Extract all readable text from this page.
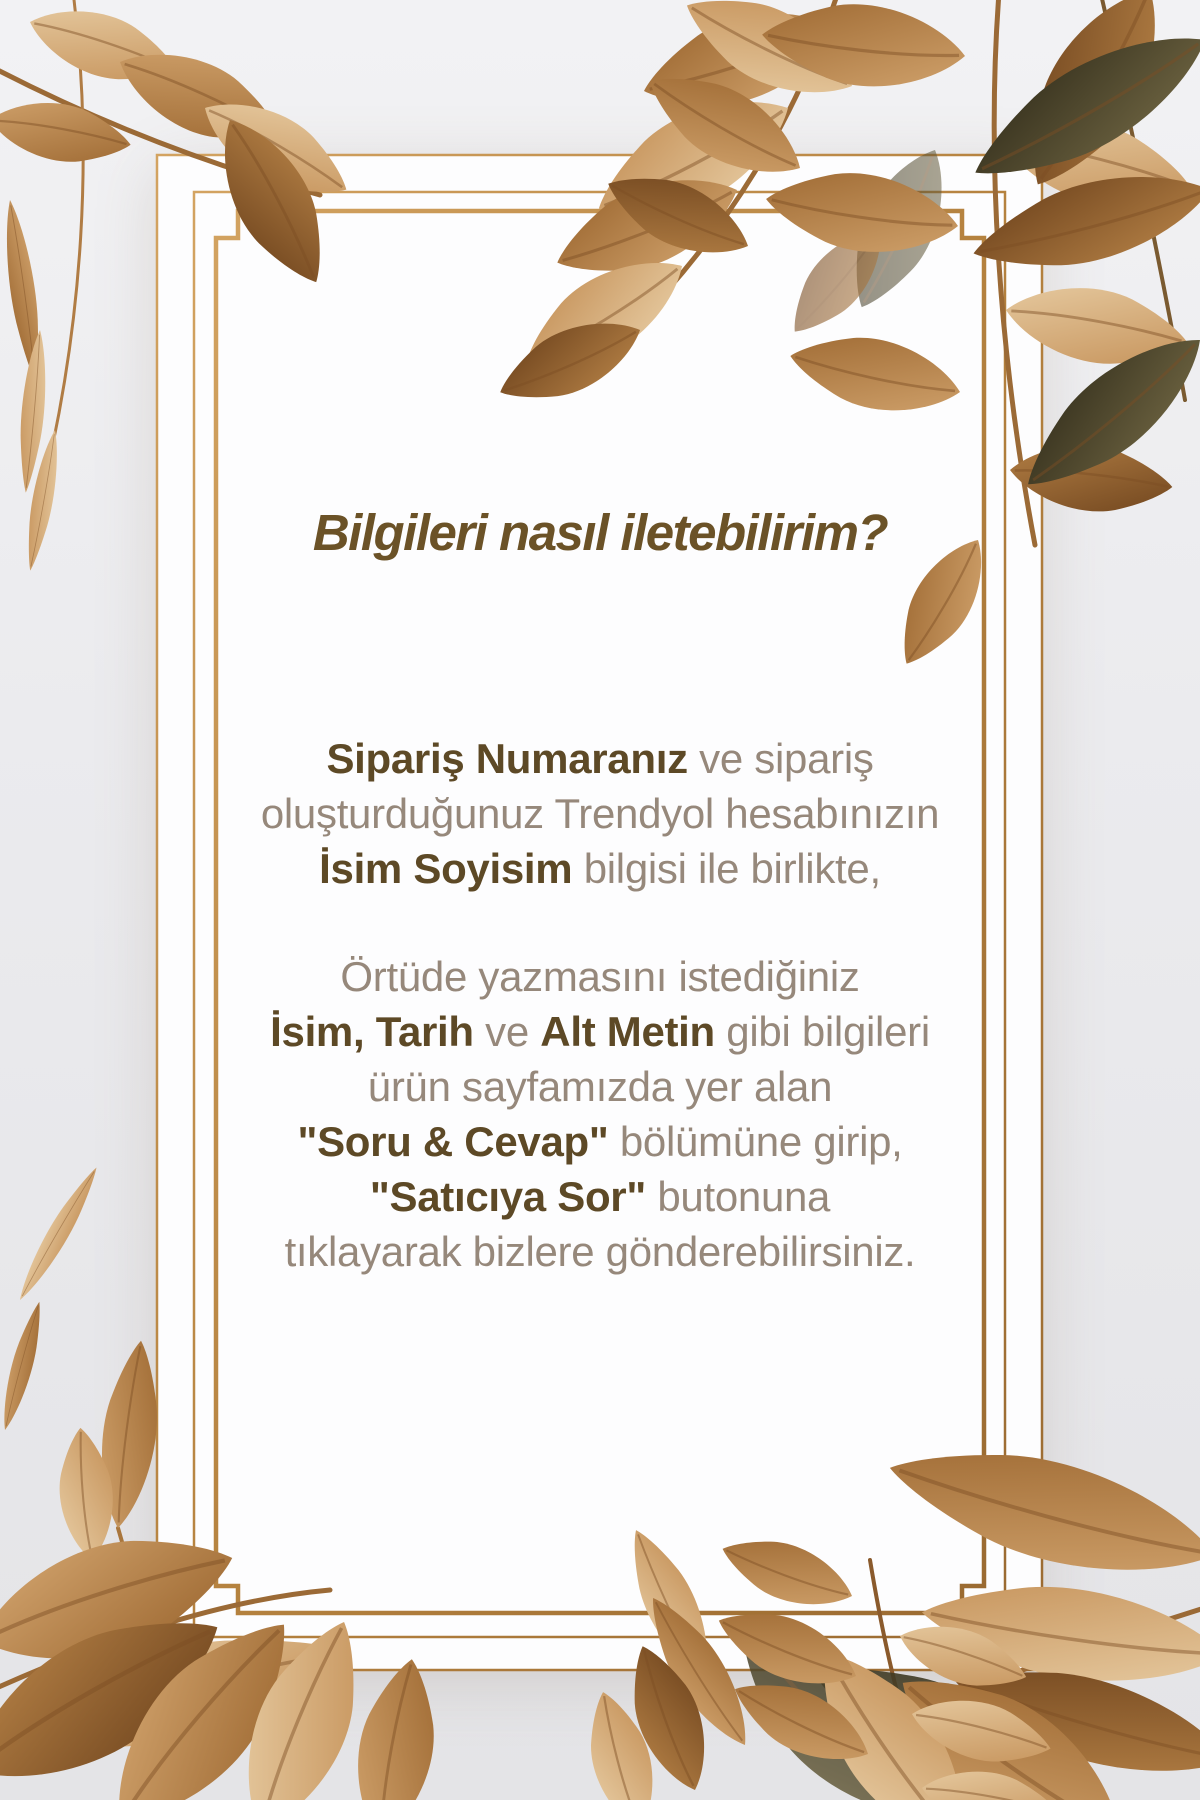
Bilgileri nasıl iletebilirim?
Sipariş Numaranız ve sipariş
oluşturduğunuz Trendyol hesabınızın
İsim Soyisim bilgisi ile birlikte,
Örtüde yazmasını istediğiniz
İsim, Tarih ve Alt Metin gibi bilgileri
ürün sayfamızda yer alan
"Soru & Cevap" bölümüne girip,
"Satıcıya Sor" butonuna
tıklayarak bizlere gönderebilirsiniz.
